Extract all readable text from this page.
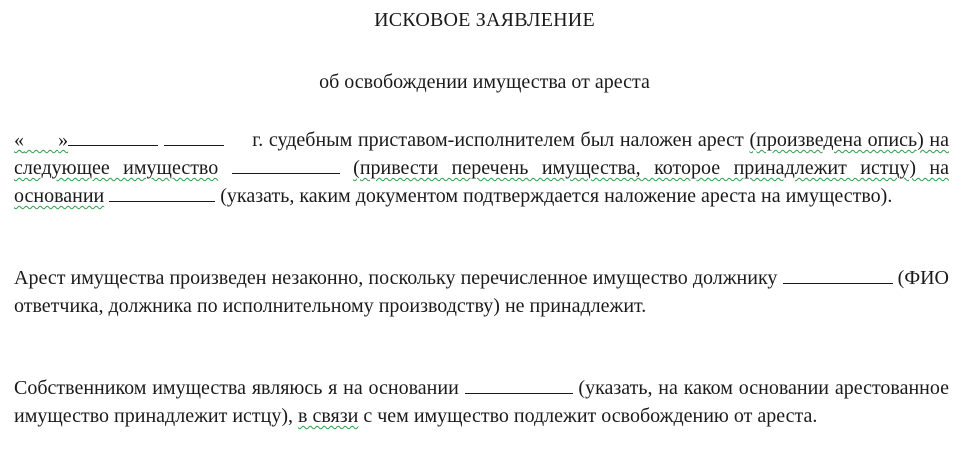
ИСКОВОЕ ЗАЯВЛЕНИЕ
об освобождении имущества от ареста
« »	г. судебным приставом-исполнителем был наложен арест (произведена опись) на следующее имущество	(привести перечень имущества, которое принадлежит истцу) на основании	(указать, каким документом подтверждается наложение ареста на имущество).
Арест имущества произведен незаконно, поскольку перечисленное имущество должнику	(ФИО ответчика, должника по исполнительному производству) не принадлежит.
Собственником имущества являюсь я на основании	(указать, на каком основании арестованное имущество принадлежит истцу), в связи с чем имущество подлежит освобождению от ареста.
